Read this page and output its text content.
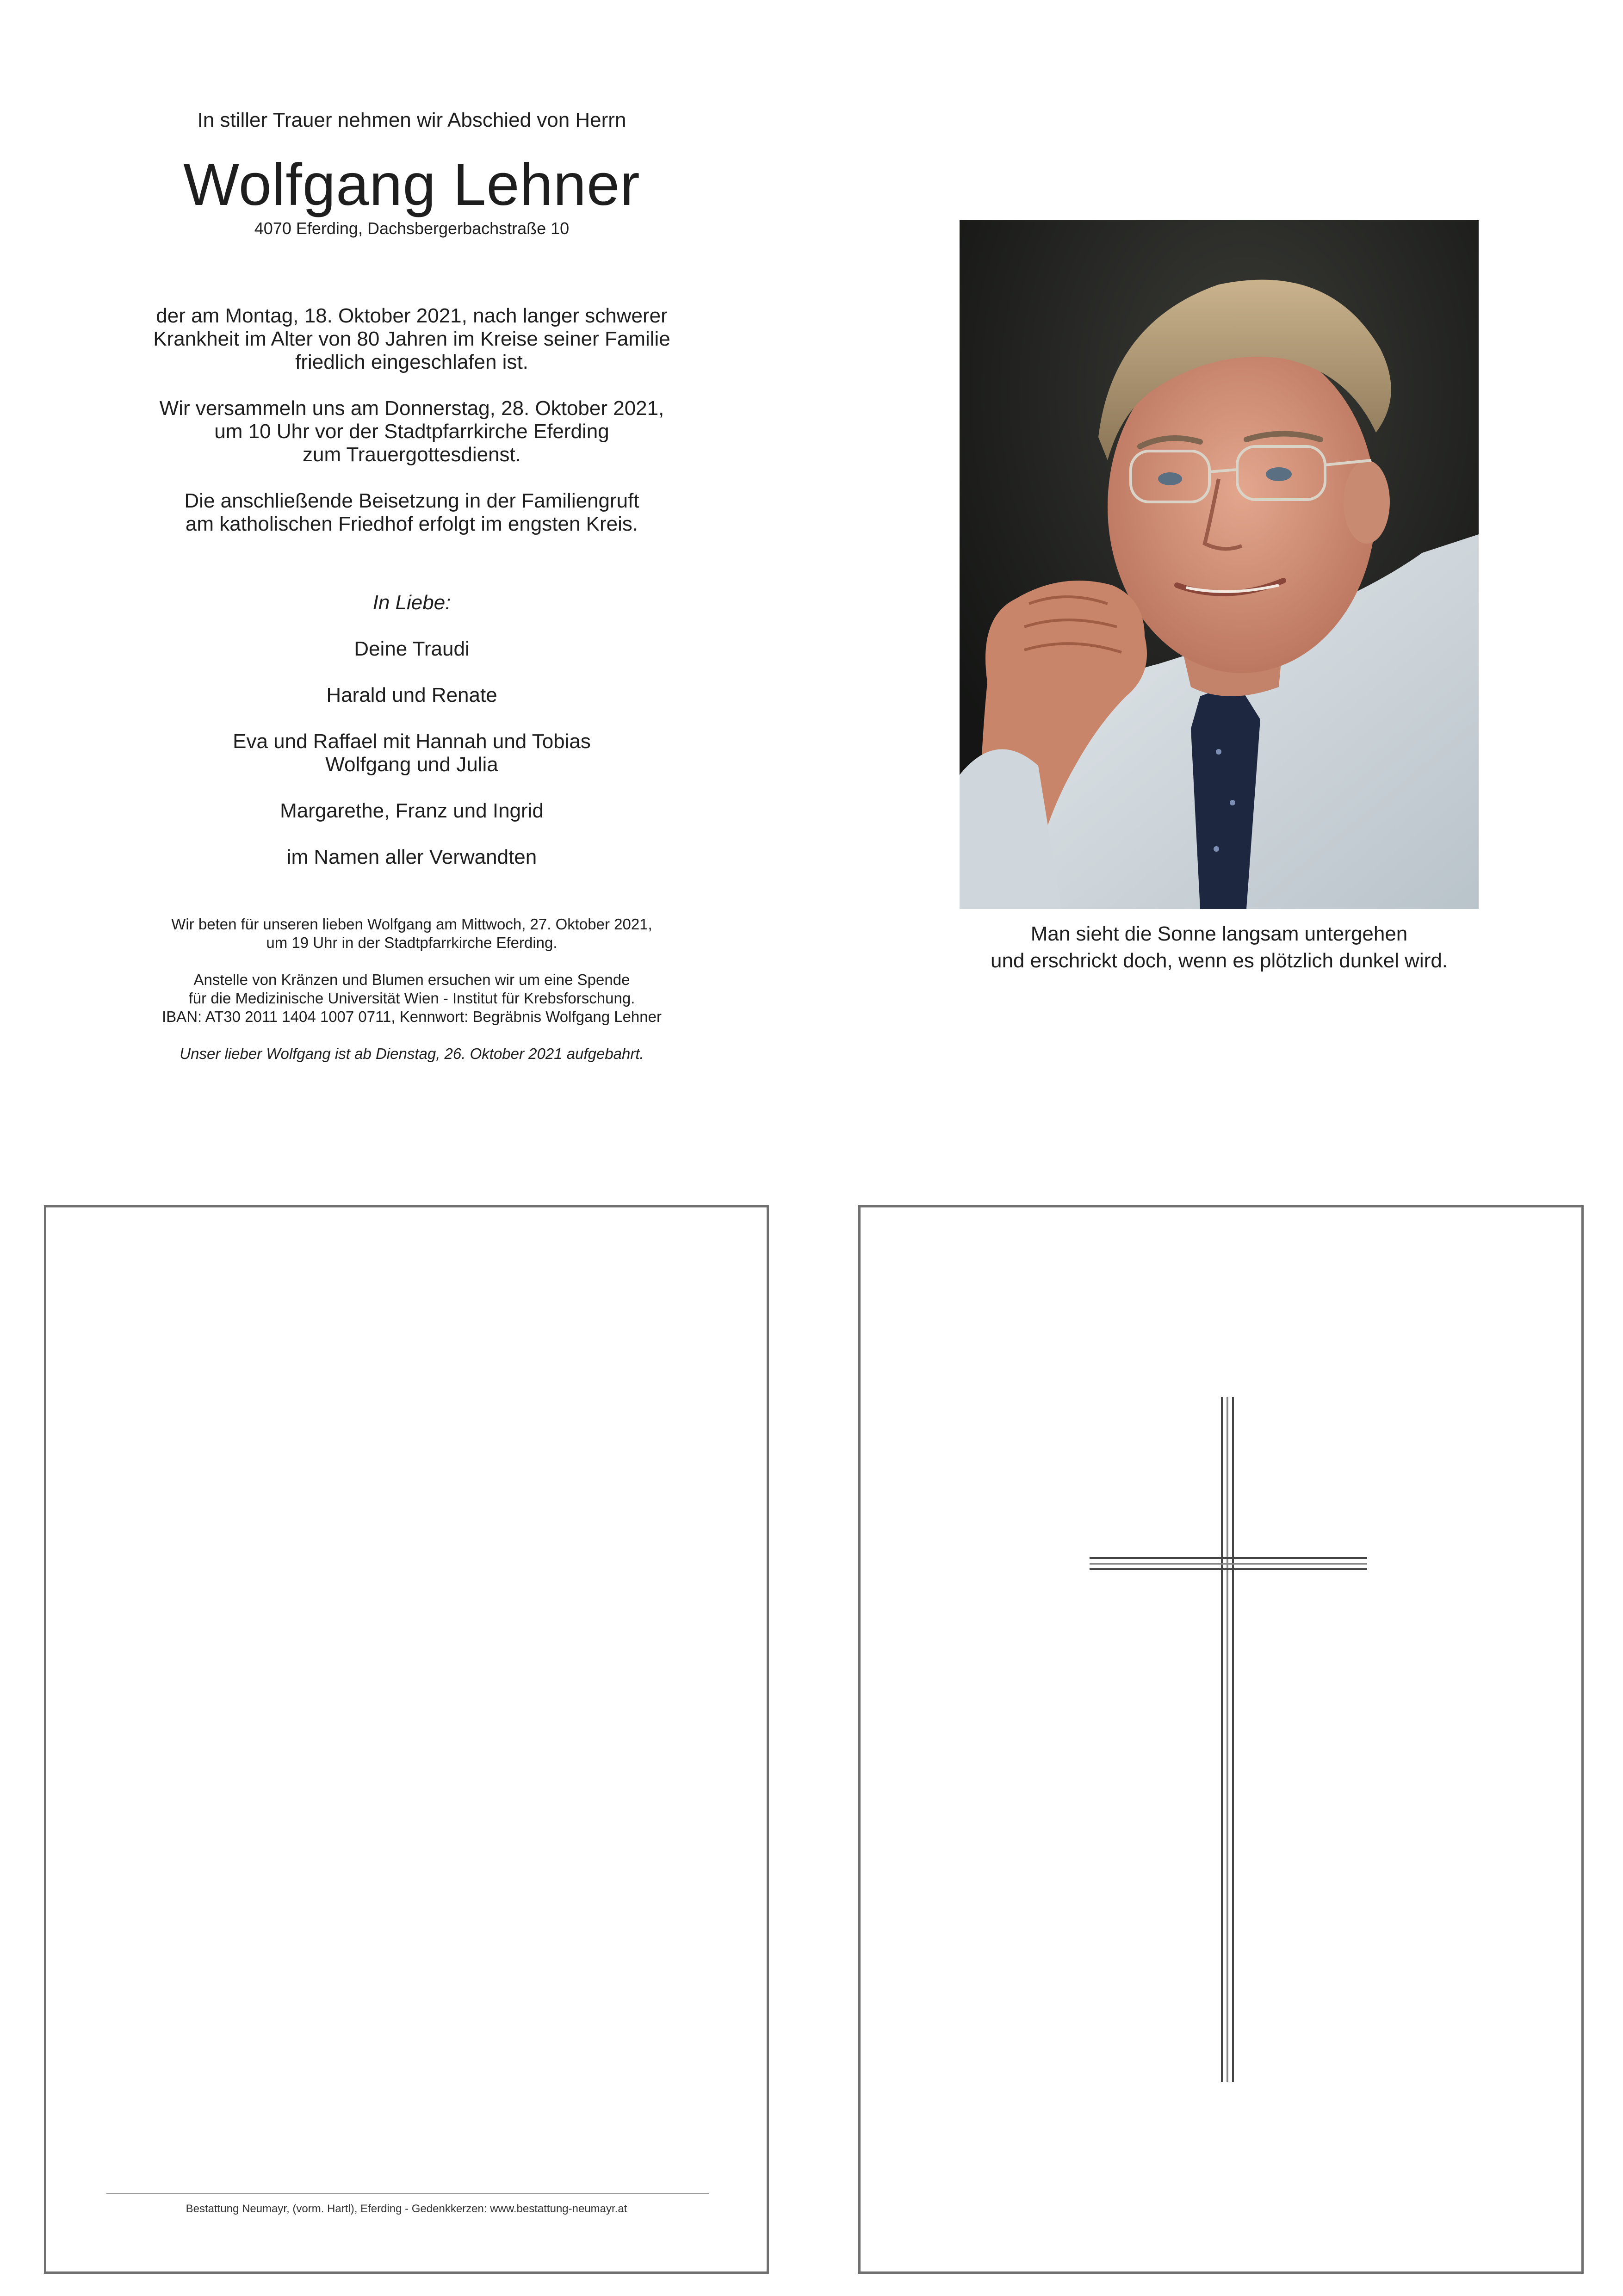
In stiller Trauer nehmen wir Abschied von Herrn

Wolfgang Lehner

4070 Eferding, Dachsbergerbachstraße 10

der am Montag, 18. Oktober 2021, nach langer schwerer
Krankheit im Alter von 80 Jahren im Kreise seiner Familie
friedlich eingeschlafen ist.

Wir versammeln uns am Donnerstag, 28. Oktober 2021,
um 10 Uhr vor der Stadtpfarrkirche Eferding
zum Trauergottesdienst.

Die anschließende Beisetzung in der Familiengruft
am katholischen Friedhof erfolgt im engsten Kreis.

In Liebe:
Deine Traudi
Harald und Renate
Eva und Raffael mit Hannah und Tobias
Wolfgang und Julia
Margarethe, Franz und Ingrid
im Namen aller Verwandten
Wir beten für unseren lieben Wolfgang am Mittwoch, 27. Oktober 2021,
um 19 Uhr in der Stadtpfarrkirche Eferding.
Anstelle von Kränzen und Blumen ersuchen wir um eine Spende
für die Medizinische Universität Wien - Institut für Krebsforschung.
IBAN: AT30 2011 1404 1007 0711, Kennwort: Begräbnis Wolfgang Lehner
Unser lieber Wolfgang ist ab Dienstag, 26. Oktober 2021 aufgebahrt.
Man sieht die Sonne langsam untergehen
und erschrickt doch, wenn es plötzlich dunkel wird.
Bestattung Neumayr, (vorm. Hartl), Eferding - Gedenkkerzen: www.bestattung-neumayr.at
